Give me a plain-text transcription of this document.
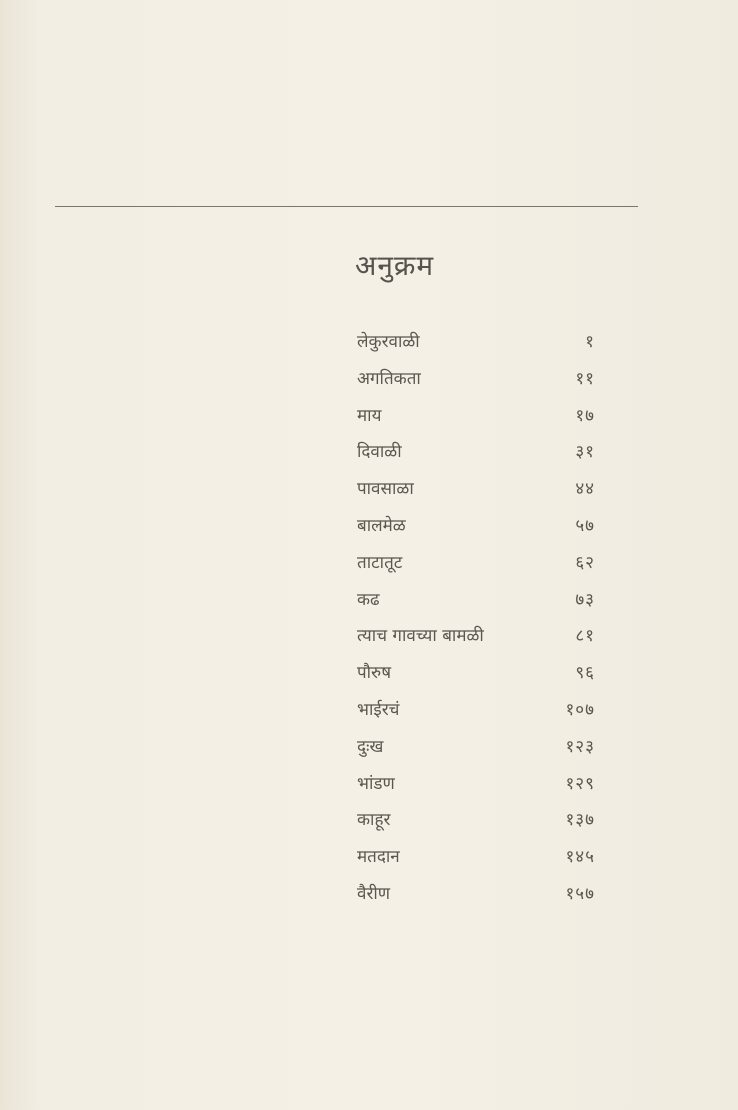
अनुक्रम
लेकुरवाळी	१
अगतिकता	११
माय	१७
दिवाळी	३१
पावसाळा	४४
बालमेळ	५७
ताटातूट	६२
कढ	७३
त्याच गावच्या बामळी	८१
पौरुष	९६
भाईरचं	१०७
दुःख	१२३
भांडण	१२९
काहूर	१३७
मतदान	१४५
वैरीण	१५७
